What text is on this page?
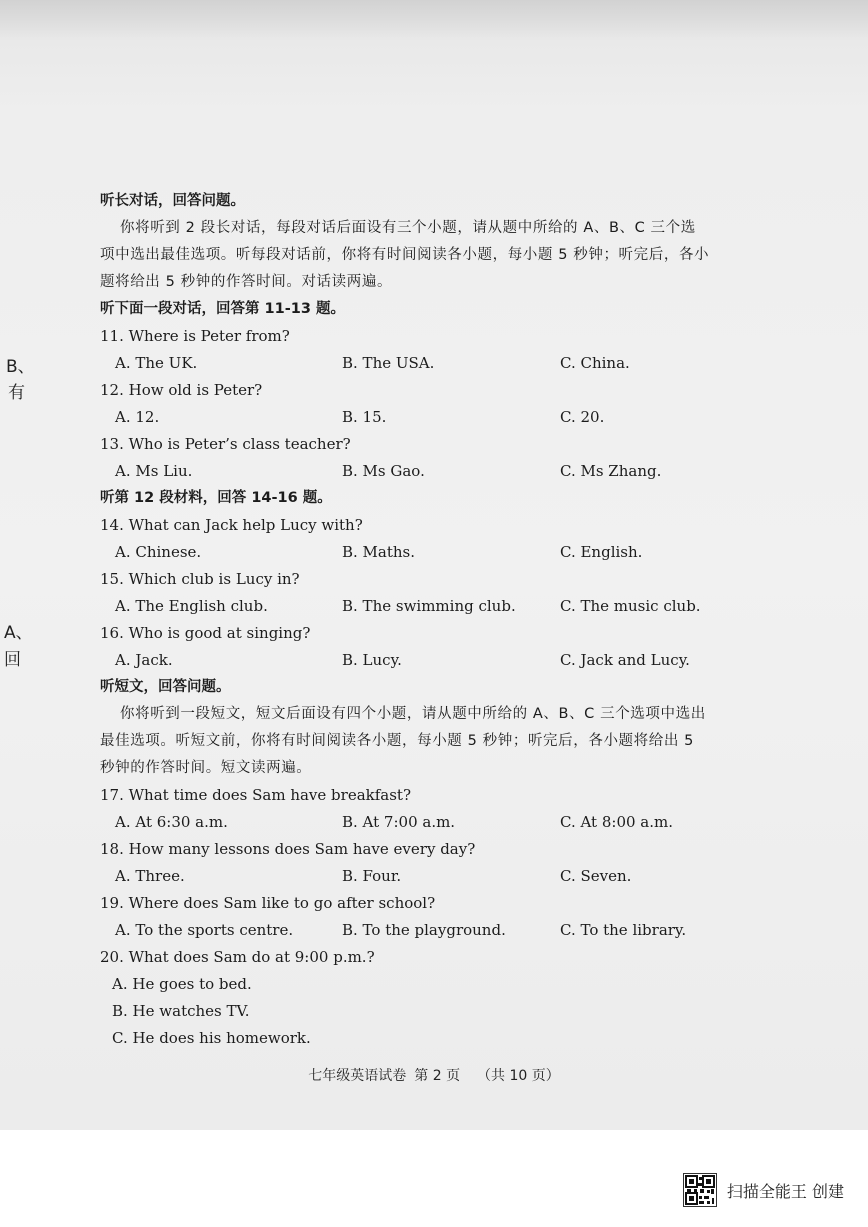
B、
有
A、
回

听长对话，回答问题。

你将听到 2 段长对话，每段对话后面设有三个小题，请从题中所给的 A、B、C 三个选项中选出最佳选项。听每段对话前，你将有时间阅读各小题，每小题 5 秒钟；听完后，各小题将给出 5 秒钟的作答时间。对话读两遍。

听下面一段对话，回答第 11-13 题。

11. Where is Peter from?

A. The UK.	B. The USA.	C. China.

12. How old is Peter?

A. 12.	B. 15.	C. 20.

13. Who is Peter’s class teacher?

A. Ms Liu.	B. Ms Gao.	C. Ms Zhang.

听第 12 段材料，回答 14-16 题。

14. What can Jack help Lucy with?

A. Chinese.	B. Maths.	C. English.

15. Which club is Lucy in?

A. The English club.	B. The swimming club.	C. The music club.

16. Who is good at singing?

A. Jack.	B. Lucy.	C. Jack and Lucy.

听短文，回答问题。

你将听到一段短文，短文后面设有四个小题，请从题中所给的 A、B、C 三个选项中选出最佳选项。听短文前，你将有时间阅读各小题，每小题 5 秒钟；听完后，各小题将给出 5 秒钟的作答时间。短文读两遍。

17. What time does Sam have breakfast?

A. At 6:30 a.m.	B. At 7:00 a.m.	C. At 8:00 a.m.

18. How many lessons does Sam have every day?

A. Three.	B. Four.	C. Seven.

19. Where does Sam like to go after school?

A. To the sports centre.	B. To the playground.	C. To the library.

20. What does Sam do at 9:00 p.m.?

A. He goes to bed.
B. He watches TV.
C. He does his homework.
七年级英语试卷 第 2 页 （共 10 页）
扫描全能王 创建
